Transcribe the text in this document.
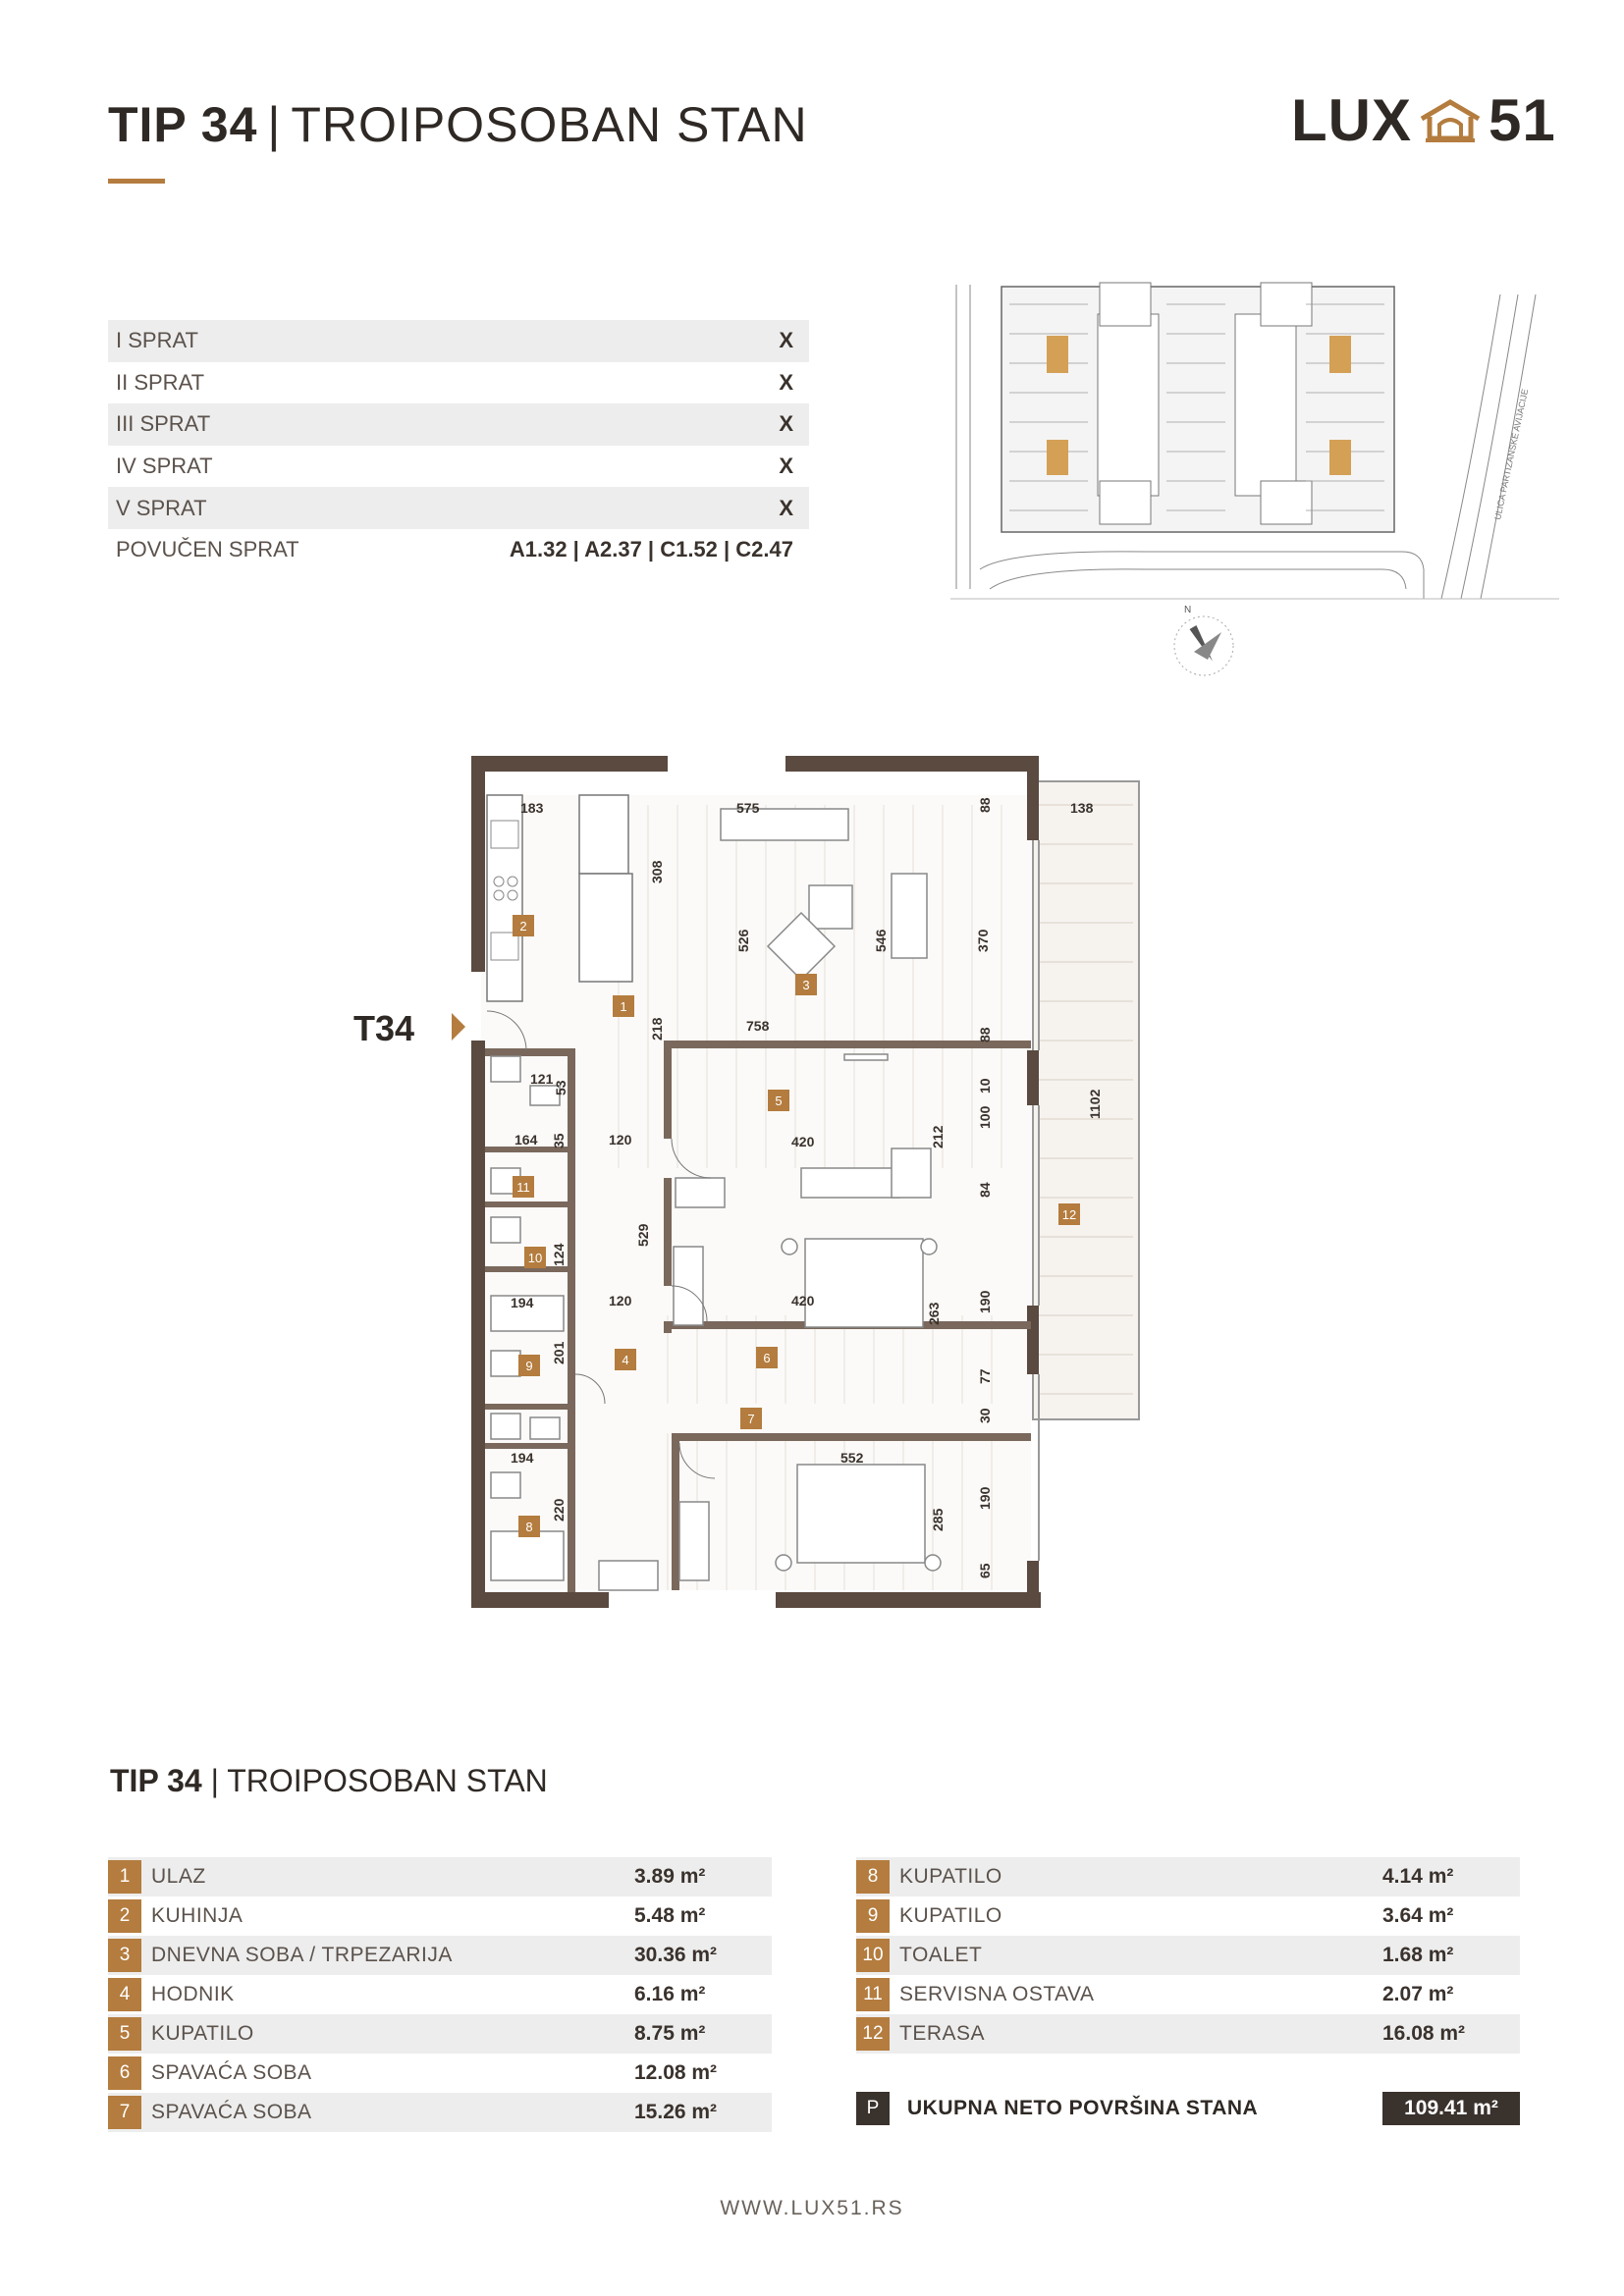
TIP 34 | TROIPOSOBAN STAN	LUX 51
I SPRAT	X
II SPRAT	X
III SPRAT	X
IV SPRAT	X
V SPRAT	X
POVUČEN SPRAT	A1.32 | A2.37 | C1.52 | C2.47
ULICA PARTIZANSKE AVIJACIJE
N
T34
183	575	88	138
308
526	546	370
218	758
88
1102
121
53
164 35	120	420	212
100
10
84
529
124
194	120	420
263
190
201
77
30
194	552
220	285
190
65
2
1
3
4
5
6
7
8
9
10
11
12
TIP 34 | TROIPOSOBAN STAN
1	ULAZ	3.89 m²
2	KUHINJA	5.48 m²
3	DNEVNA SOBA / TRPEZARIJA	30.36 m²
4	HODNIK	6.16 m²
5	KUPATILO	8.75 m²
6	SPAVAĆA SOBA	12.08 m²
7	SPAVAĆA SOBA	15.26 m²
8	KUPATILO	4.14 m²
9	KUPATILO	3.64 m²
10 TOALET	1.68 m²
11 SERVISNA OSTAVA	2.07 m²
12 TERASA	16.08 m²
P	UKUPNA NETO POVRŠINA STANA	109.41 m²
WWW.LUX51.RS
